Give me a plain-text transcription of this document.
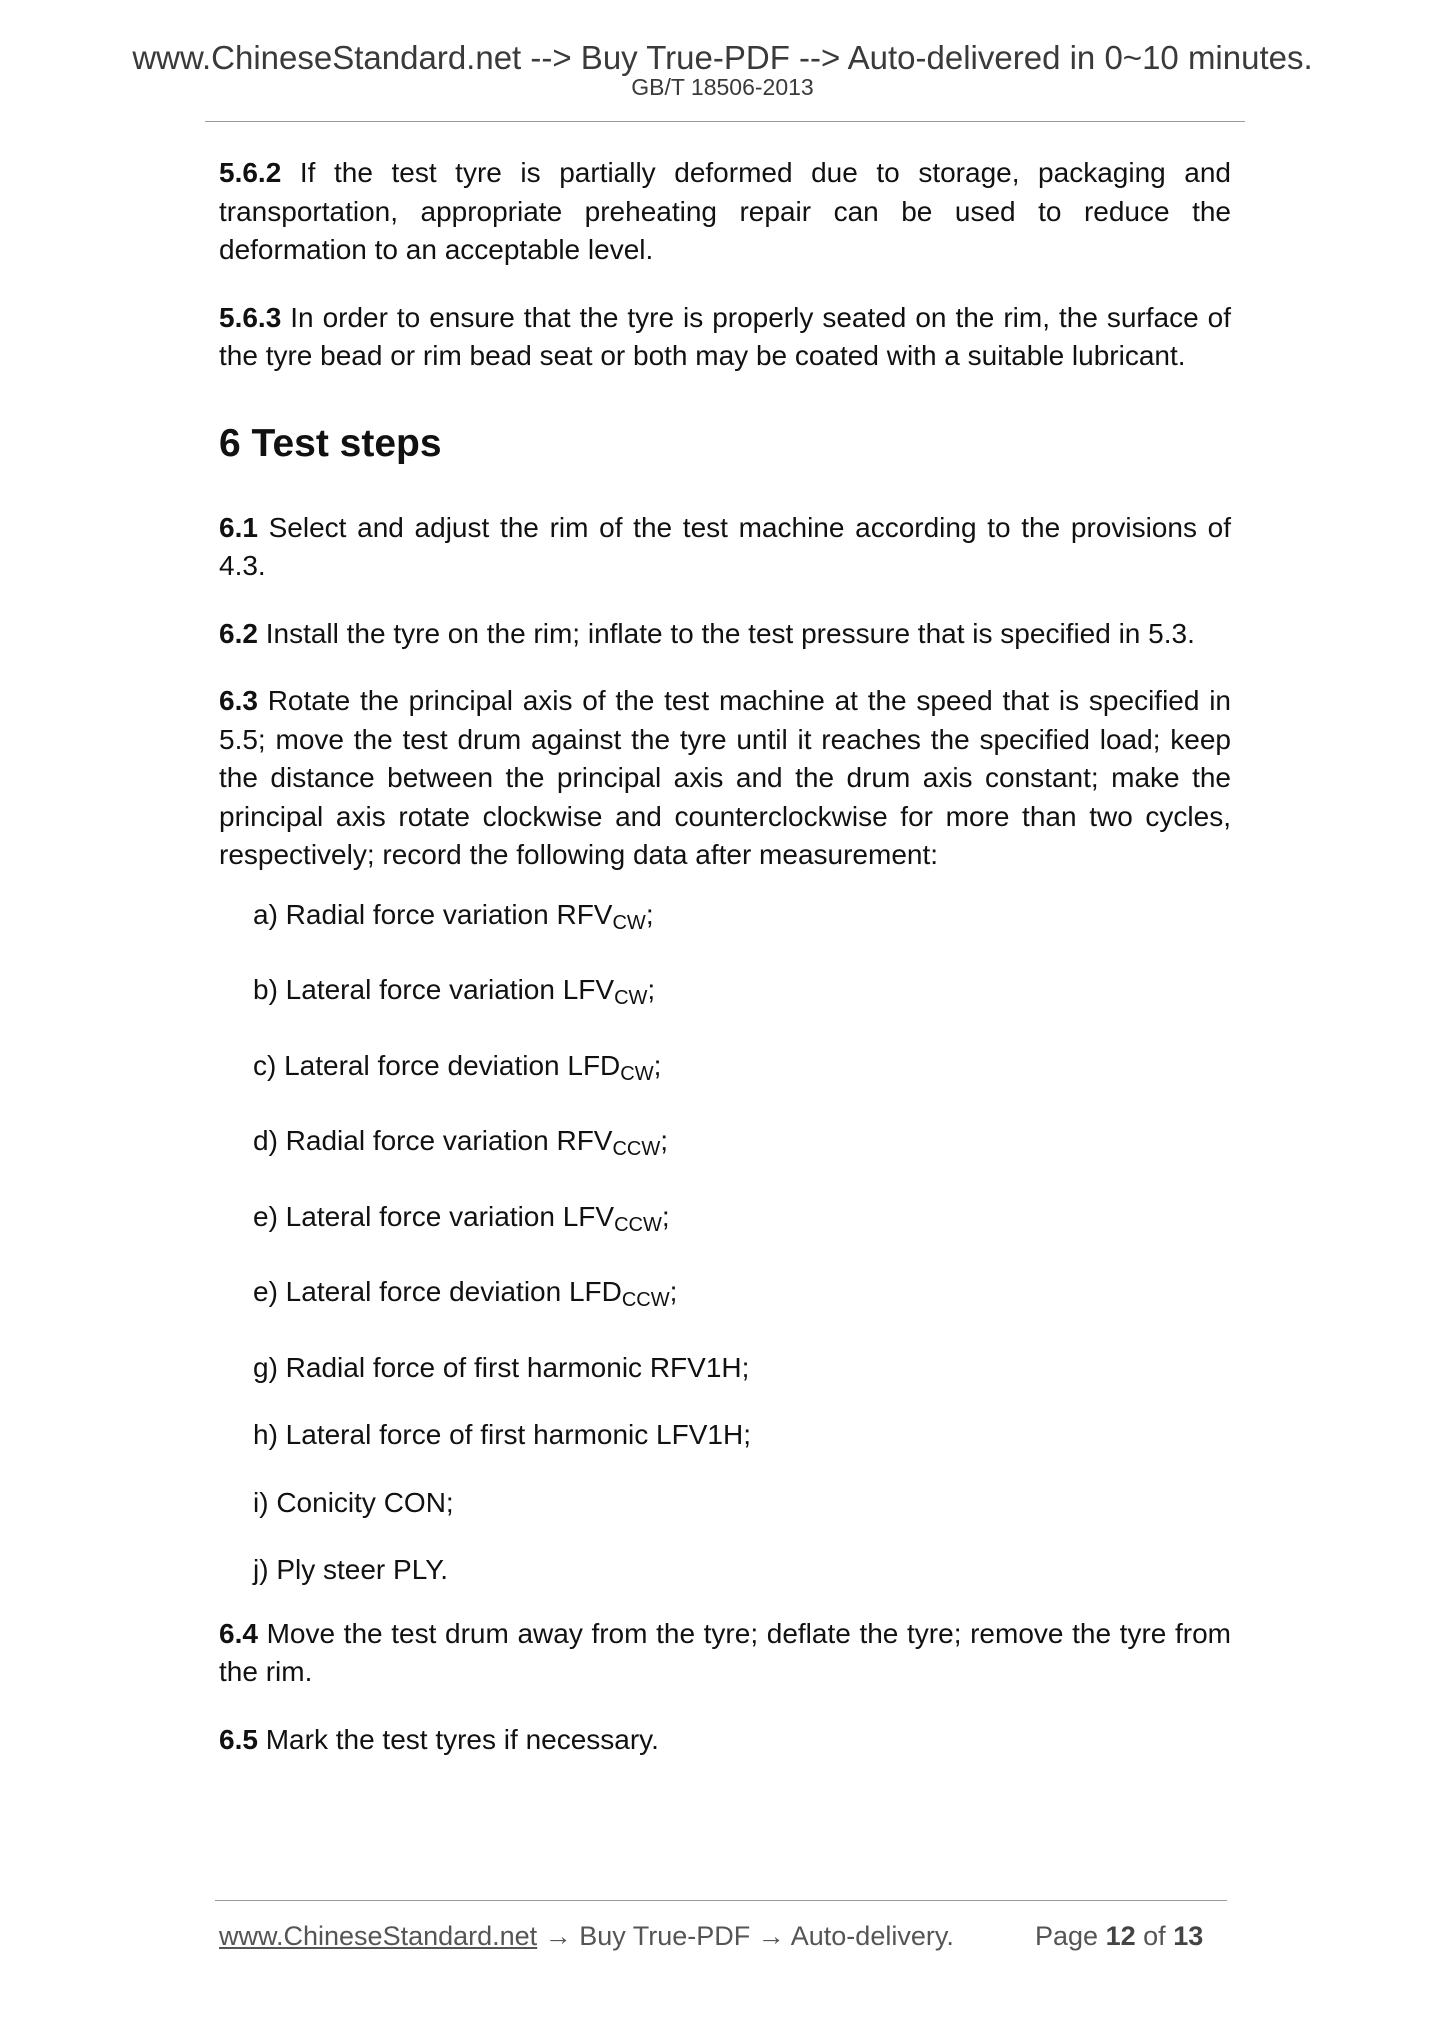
www.ChineseStandard.net --> Buy True-PDF --> Auto-delivered in 0~10 minutes.
GB/T 18506-2013

5.6.2 If the test tyre is partially deformed due to storage, packaging and transportation, appropriate preheating repair can be used to reduce the deformation to an acceptable level.

5.6.3 In order to ensure that the tyre is properly seated on the rim, the surface of the tyre bead or rim bead seat or both may be coated with a suitable lubricant.

6 Test steps

6.1 Select and adjust the rim of the test machine according to the provisions of 4.3.

6.2 Install the tyre on the rim; inflate to the test pressure that is specified in 5.3.

6.3 Rotate the principal axis of the test machine at the speed that is specified in 5.5; move the test drum against the tyre until it reaches the specified load; keep the distance between the principal axis and the drum axis constant; make the principal axis rotate clockwise and counterclockwise for more than two cycles, respectively; record the following data after measurement:

a) Radial force variation $RFV_{CW}$;
b) Lateral force variation $LFV_{CW}$;
c) Lateral force deviation $LFD_{CW}$;
d) Radial force variation $RFV_{CCW}$;
e) Lateral force variation $LFV_{CCW}$;
e) Lateral force deviation $LFD_{CCW}$;
g) Radial force of first harmonic RFV1H;
h) Lateral force of first harmonic LFV1H;
i) Conicity CON;
j) Ply steer PLY.

6.4 Move the test drum away from the tyre; deflate the tyre; remove the tyre from the rim.

6.5 Mark the test tyres if necessary.

www.ChineseStandard.net → Buy True-PDF → Auto-delivery.	Page 12 of 13
